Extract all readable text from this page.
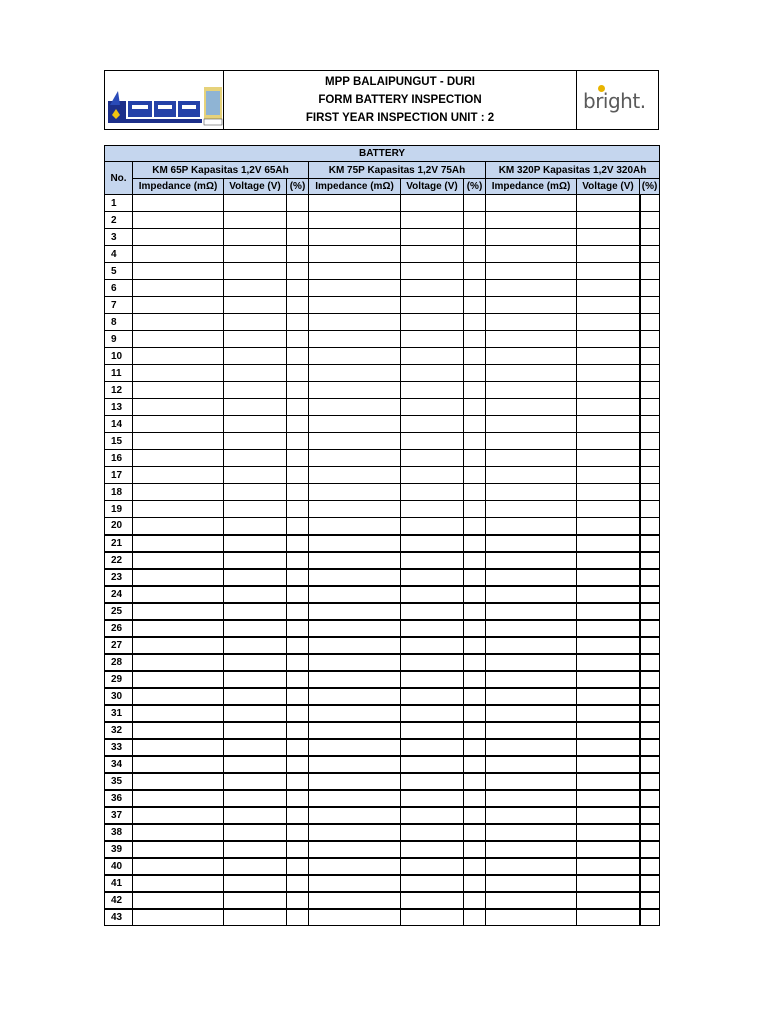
MPP BALAIPUNGUT - DURI
FORM BATTERY INSPECTION
FIRST YEAR INSPECTION UNIT : 2
bright.
BATTERY									
No.	KM 65P Kapasitas 1,2V 65Ah			KM 75P Kapasitas 1,2V 75Ah			KM 320P Kapasitas 1,2V 320Ah		
	Impedance (mΩ)	Voltage (V)	(%)	Impedance (mΩ)	Voltage (V)	(%)	Impedance (mΩ)	Voltage (V)	(%)
1									
2									
3									
4									
5									
6									
7									
8									
9									
10									
11									
12									
13									
14									
15									
16									
17									
18									
19									
20									
21									
22									
23									
24									
25									
26									
27									
28									
29									
30									
31									
32									
33									
34									
35									
36									
37									
38									
39									
40									
41									
42									
43									
